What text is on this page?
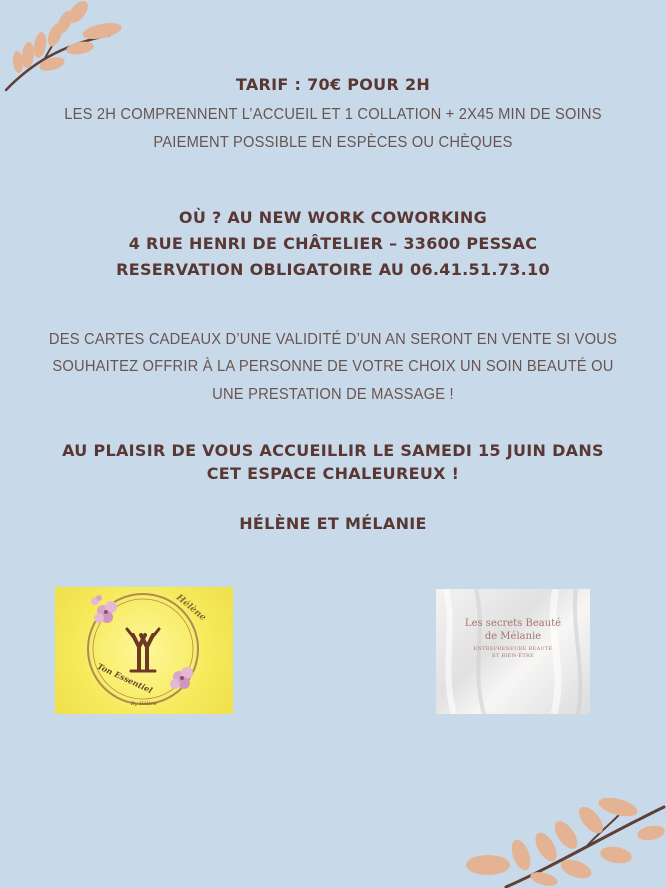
TARIF : 70€ POUR 2H
LES 2H COMPRENNENT L’ACCUEIL ET 1 COLLATION + 2X45 MIN DE SOINS
PAIEMENT POSSIBLE EN ESPÈCES OU CHÈQUES
OÙ ? AU NEW WORK COWORKING
4 RUE HENRI DE CHÂTELIER – 33600 PESSAC
RESERVATION OBLIGATOIRE AU 06.41.51.73.10
DES CARTES CADEAUX D’UNE VALIDITÉ D’UN AN SERONT EN VENTE SI VOUS
SOUHAITEZ OFFRIR À LA PERSONNE DE VOTRE CHOIX UN SOIN BEAUTÉ OU
UNE PRESTATION DE MASSAGE !
AU PLAISIR DE VOUS ACCUEILLIR LE SAMEDI 15 JUIN DANS
CET ESPACE CHALEUREUX !
HÉLÈNE ET MÉLANIE
Hélène
Ton Essentiel
By Hélène
Les secrets Beauté
de Mélanie
ENTREPRENEURE BEAUTÉ
ET BIEN-ÊTRE
